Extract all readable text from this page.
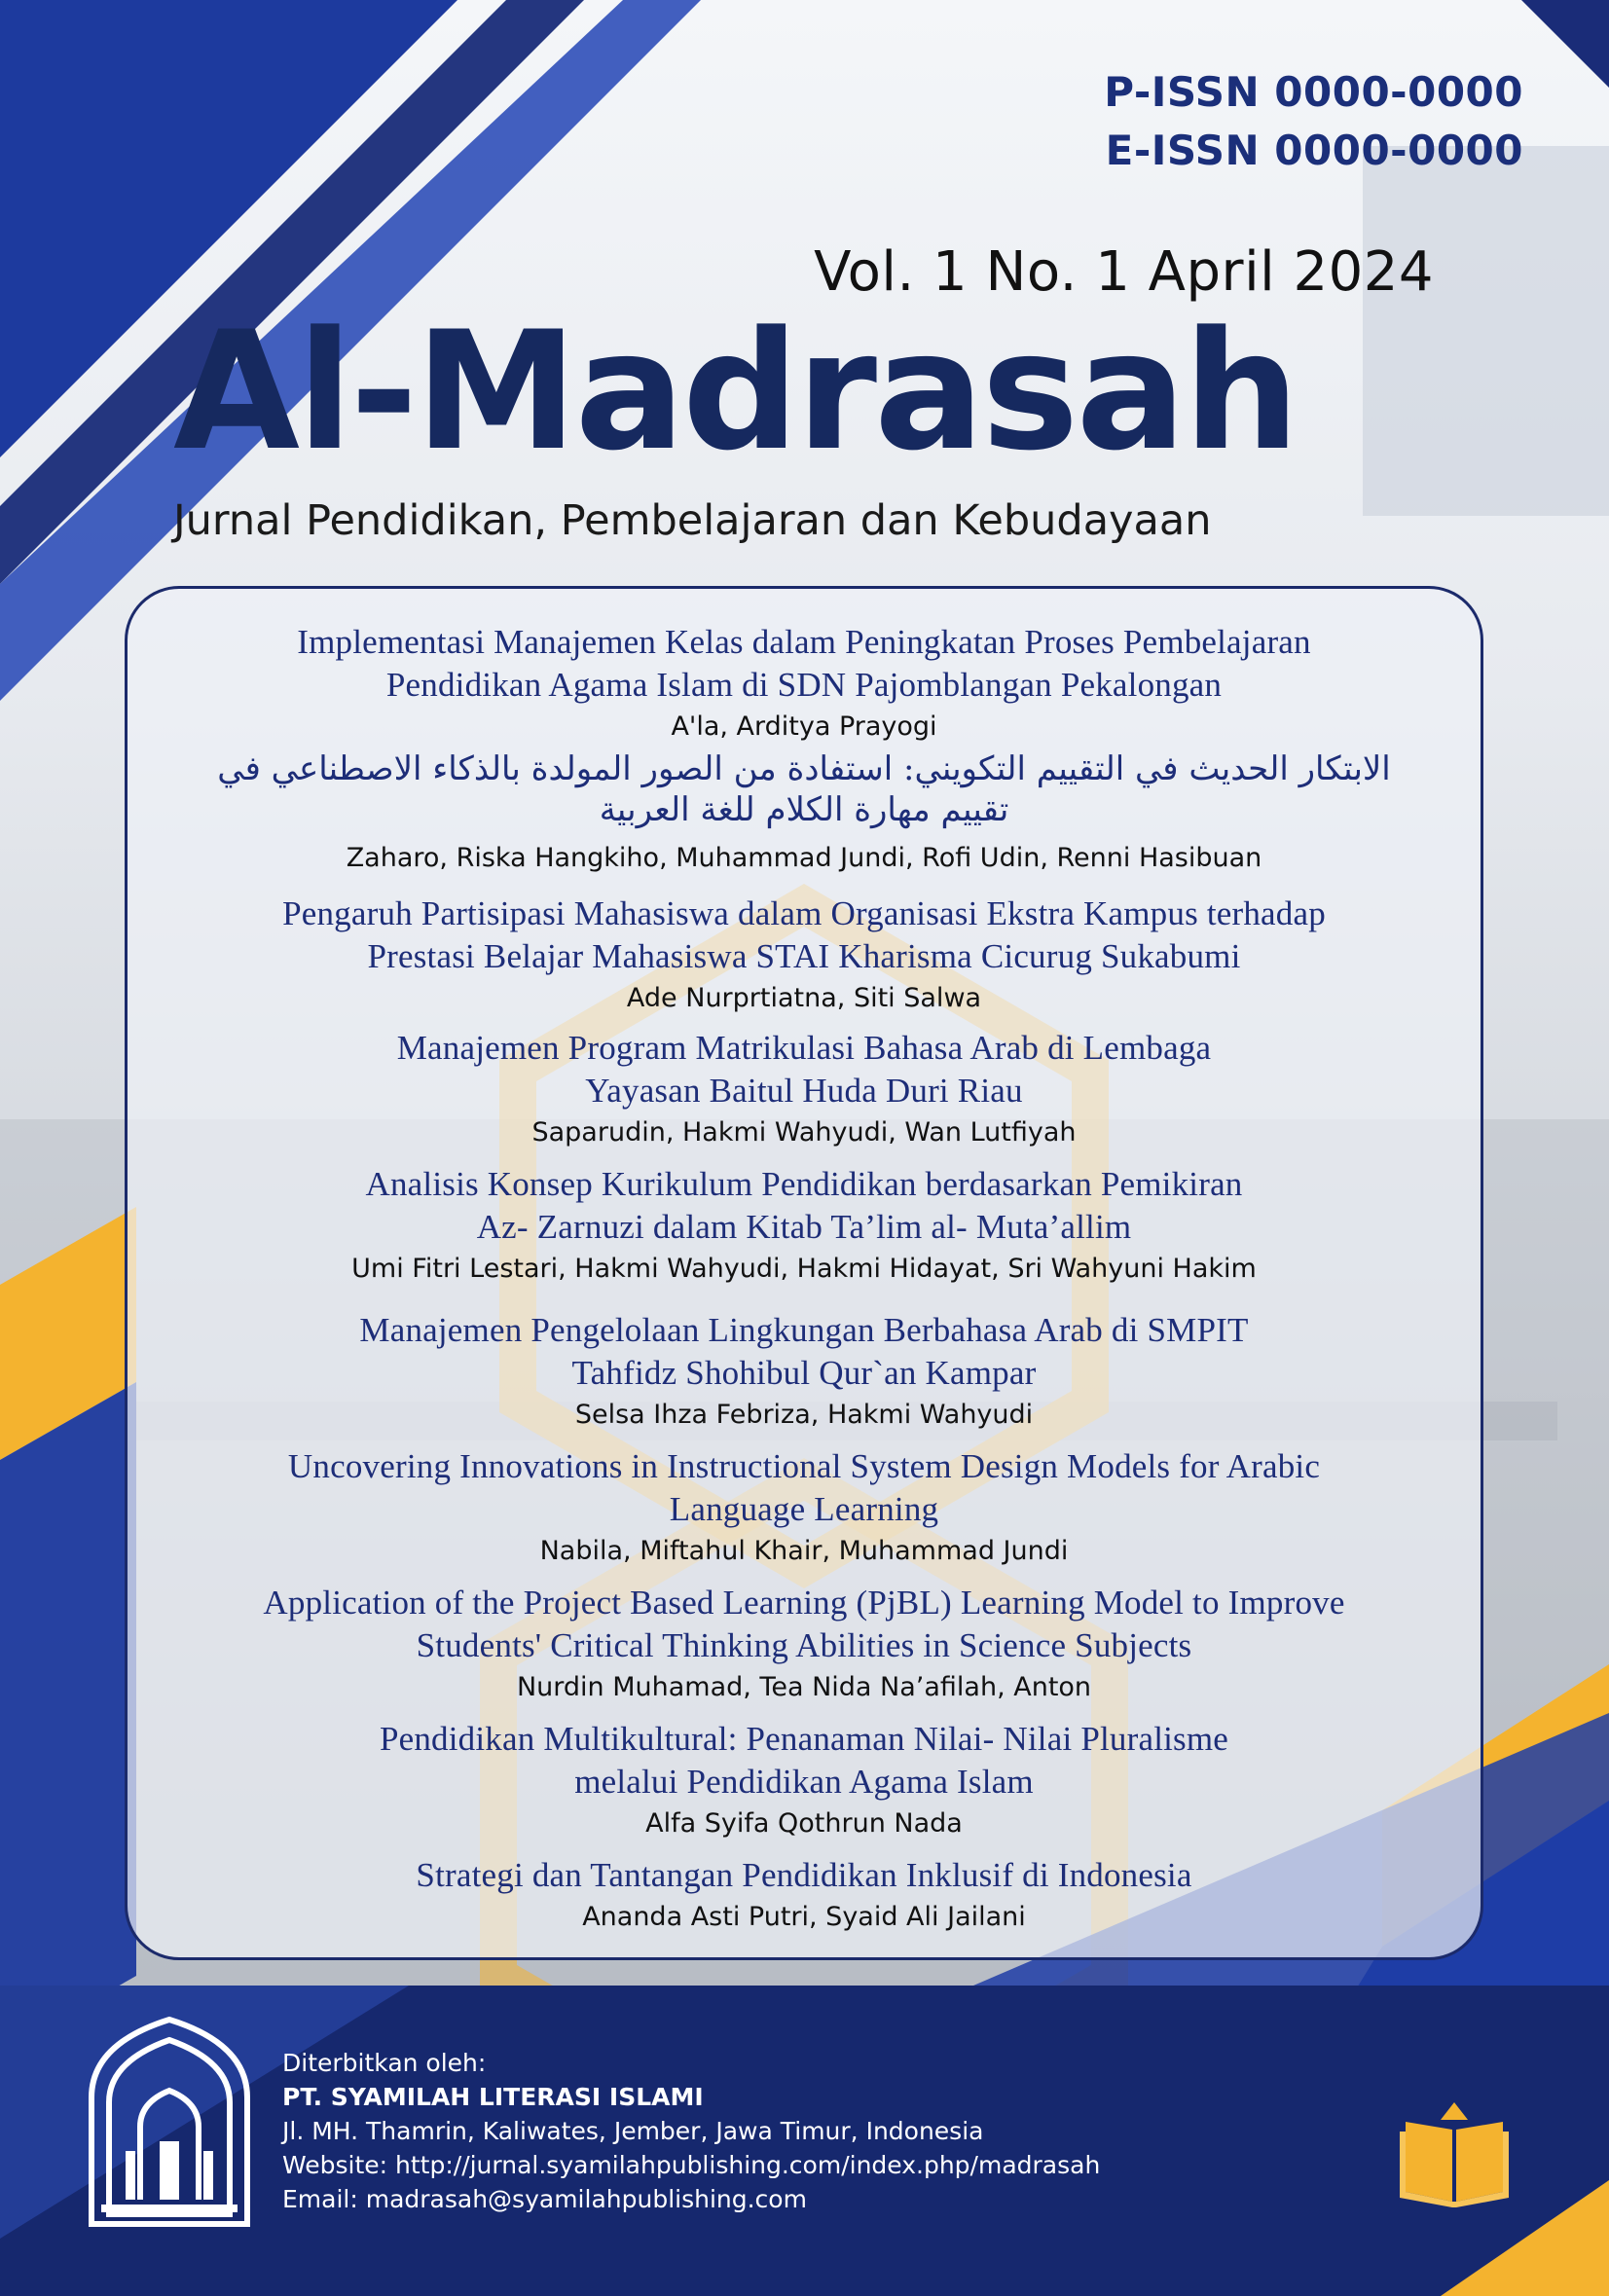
P-ISSN 0000-0000
E-ISSN 0000-0000
Vol. 1 No. 1 April 2024
Al-Madrasah
Jurnal Pendidikan, Pembelajaran dan Kebudayaan
Implementasi Manajemen Kelas dalam Peningkatan Proses Pembelajaran
Pendidikan Agama Islam di SDN Pajomblangan Pekalongan
A'la, Arditya Prayogi
الابتكار الحديث في التقييم التكويني: استفادة من الصور المولدة بالذكاء الاصطناعي في
تقييم مهارة الكلام للغة العربية
Zaharo, Riska Hangkiho, Muhammad Jundi, Rofi Udin, Renni Hasibuan
Pengaruh Partisipasi Mahasiswa dalam Organisasi Ekstra Kampus terhadap
Prestasi Belajar Mahasiswa STAI Kharisma Cicurug Sukabumi
Ade Nurprtiatna, Siti Salwa
Manajemen Program Matrikulasi Bahasa Arab di Lembaga
Yayasan Baitul Huda Duri Riau
Saparudin, Hakmi Wahyudi, Wan Lutfiyah
Analisis Konsep Kurikulum Pendidikan berdasarkan Pemikiran
Az- Zarnuzi dalam Kitab Ta’lim al- Muta’allim
Umi Fitri Lestari, Hakmi Wahyudi, Hakmi Hidayat, Sri Wahyuni Hakim
Manajemen Pengelolaan Lingkungan Berbahasa Arab di SMPIT
Tahfidz Shohibul Qur`an Kampar
Selsa Ihza Febriza, Hakmi Wahyudi
Uncovering Innovations in Instructional System Design Models for Arabic
Language Learning
Nabila, Miftahul Khair, Muhammad Jundi
Application of the Project Based Learning (PjBL) Learning Model to Improve
Students' Critical Thinking Abilities in Science Subjects
Nurdin Muhamad, Tea Nida Na’afilah, Anton
Pendidikan Multikultural: Penanaman Nilai- Nilai Pluralisme
melalui Pendidikan Agama Islam
Alfa Syifa Qothrun Nada
Strategi dan Tantangan Pendidikan Inklusif di Indonesia
Ananda Asti Putri, Syaid Ali Jailani
Diterbitkan oleh:
PT. SYAMILAH LITERASI ISLAMI
Jl. MH. Thamrin, Kaliwates, Jember, Jawa Timur, Indonesia
Website: http://jurnal.syamilahpublishing.com/index.php/madrasah
Email: madrasah@syamilahpublishing.com
